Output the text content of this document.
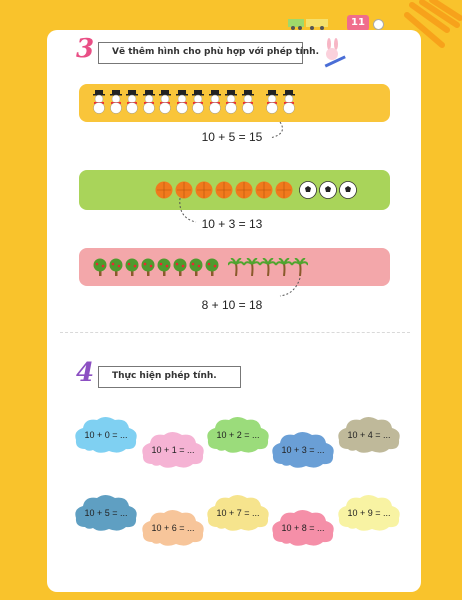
11
3 Vẽ thêm hình cho phù hợp với phép tính.
10 + 5 = 15
10 + 3 = 13
8 + 10 = 18
4 Thực hiện phép tính.
10 + 0 = ...
10 + 1 = ...
10 + 2 = ...
10 + 3 = ...
10 + 4 = ...
10 + 5 = ...
10 + 6 = ...
10 + 7 = ...
10 + 8 = ...
10 + 9 = ...
